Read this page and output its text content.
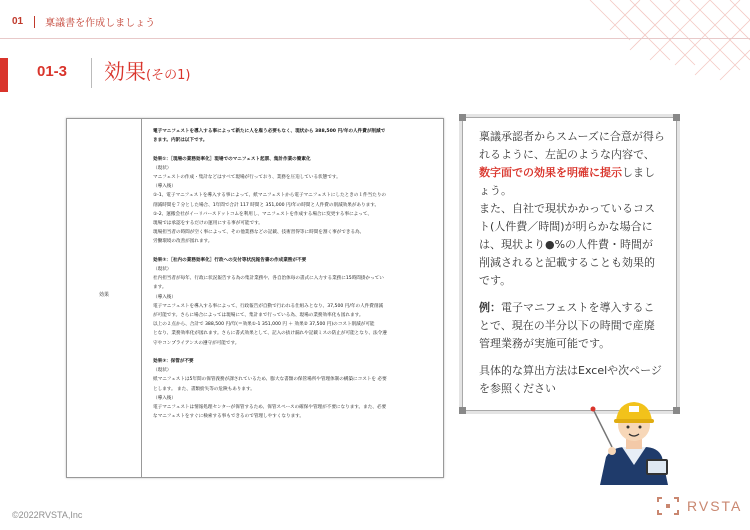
01 稟議書を作成しましょう
01-3 効果(その1)
効果

電子マニフェストを導入する事によって新たに人を雇う必要もなく、現状から 388,500 円/年の人件費が削減で

きます。内訳は以下です。

効果①：［現場の業務効率化］現場でのマニフェスト起票、集計作業の簡素化

（現状）

マニフェストの作成・集計などはすべて現場が行っており、業務を圧迫している状態です。

（導入後）

①-1、電子マニフェストを導入する事によって、紙マニフェストから電子マニフェストにしたときの１件当たりの

削減時間を７分とした場合、1年間で合計 117 時間と 351,000 円/年の時間と人件費の削減効果があります。

①-2、運搬会社がイーリバースドットコムを利用し、マニフェストを作成する場合に変更する事によって、

現場では承認をするだけの運用にする事が可能です。

現場担当者の時間が空く事によって、その他業務などの記載、技術習得等に時間を割く事ができる為、

労働環境の改善が図れます。

効果②：［社内の業務効率化］行政への交付等状況報告書の作成業務が不要

（現状）

社内担当者が毎年、行政に状況報告する為の集計業務や、各自治体毎の書式に入力する業務に15時間掛かってい

ます。

（導入後）

電子マニフェストを導入する事によって、行政報告が自動で行われる仕組みとなり、37,500 円/年の人件費削減

が可能です。さらに場合によっては現場にて、集計まで行っている為、現場の業務効率化も図れます。

以上の２点から、合計で 388,500 円/年(＝効果①-1 351,000 円 ＋ 効果② 37,500 円)のコスト削減が可能

となり、業務効率化が図れます。さらに書式効果として、記入の抜け漏れや記載ミスの防止が可能となり、法令遵

守やコンプライアンスの遵守が可能です。

効果③：保管が不要

（現状）

紙マニフェストは5年間の保管義務が課されているため、膨大な書類の保管場所や管理体制の構築にコストを 必要

とします。 また、書類紛失等の危険もあります。

（導入後）

電子マニフェストは情報処理センターが保管するため、保管スペースの確保や管理が不要になります。また、必要

なマニフェストをすぐに検索する事もできるので管理しやすくなります。

稟議承認者からスムーズに合意が得られるように、左記のような内容で、数字面での効果を明確に提示しましょう。

また、自社で現状かかっているコス　ト(人件費／時間)が明らかな場合に　は、現状より●%の人件費・時間が　削減されると記載することも効果的 です。

例：電子マニフェストを導入するこ　とで、現在の半分以下の時間で産廃 管理業務が実施可能です。

具体的な算出方法はExcelや次ページを参照ください

©2022RVSTA,Inc
RVSTA
